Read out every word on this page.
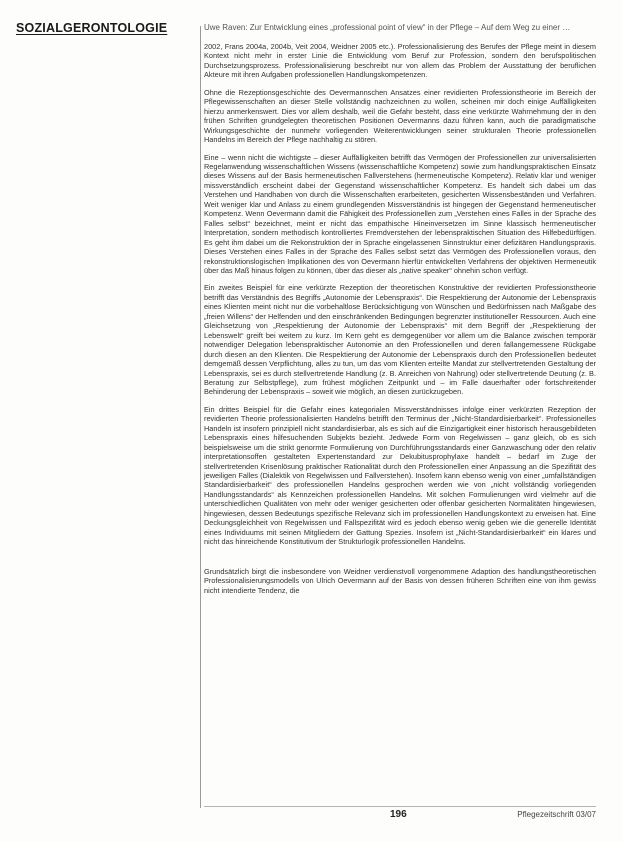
SOZIALGERONTOLOGIE	Uwe Raven: Zur Entwicklung eines „professional point of view“ in der Pflege – Auf dem Weg zu einer …

2002, Frans 2004a, 2004b, Veit 2004, Weidner 2005 etc.). Professionalisierung des Berufes der Pflege meint in diesem Kontext nicht mehr in erster Linie die Entwicklung vom Beruf zur Profession, sondern den berufspolitischen Durchsetzungsprozess. Professionalisierung beschreibt nur von allem das Problem der Ausstattung der beruflichen Akteure mit ihren Aufgaben professionellen Handlungskompetenzen.

Ohne die Rezeptionsgeschichte des Oevermannschen Ansatzes einer revidierten Professionstheorie im Bereich der Pflegewissenschaften an dieser Stelle vollständig nachzeichnen zu wollen, scheinen mir doch einige Auffälligkeiten hierzu anmerkenswert. Dies vor allem deshalb, weil die Gefahr besteht, dass eine verkürzte Wahrnehmung der in den frühen Schriften grundgelegten theoretischen Positionen Oevermanns dazu führen kann, auch die paradigmatische Wirkungsgeschichte der nunmehr vorliegenden Weiterentwicklungen seiner strukturalen Theorie professionellen Handelns im Bereich der Pflege nachhaltig zu stören.

Eine – wenn nicht die wichtigste – dieser Auffälligkeiten betrifft das Vermögen der Professionellen zur universalisierten Regelanwendung wissenschaftlichen Wissens (wissenschaftliche Kompetenz) sowie zum handlungspraktischen Einsatz dieses Wissens auf der Basis hermeneutischen Fallverstehens (hermeneutische Kompetenz). Relativ klar und weniger missverständlich erscheint dabei der Gegenstand wissenschaftlicher Kompetenz. Es handelt sich dabei um das Verstehen und Handhaben von durch die Wissenschaften erarbeiteten, gesicherten Wissensbeständen und Verfahren. Weit weniger klar und Anlass zu einem grundlegenden Missverständnis ist hingegen der Gegenstand hermeneutischer Kompetenz. Wenn Oevermann damit die Fähigkeit des Professionellen zum „Verstehen eines Falles in der Sprache des Falles selbst“ bezeichnet, meint er nicht das empathische Hineinversetzen im Sinne klassisch hermeneutischer Interpretation, sondern methodisch kontrolliertes Fremdverstehen der lebenspraktischen Situation des Hilfebedürftigen. Es geht ihm dabei um die Rekonstruktion der in Sprache eingelassenen Sinnstruktur einer defizitären Handlungspraxis. Dieses Verstehen eines Falles in der Sprache des Falles selbst setzt das Vermögen des Professionellen voraus, den rekonstruktionslogischen Implikationen des von Oevermann hierfür entwickelten Verfahrens der objektiven Hermeneutik über das Maß hinaus folgen zu können, über das dieser als „native speaker“ ohnehin schon verfügt.

Ein zweites Beispiel für eine verkürzte Rezeption der theoretischen Konstruktive der revidierten Professionstheorie betrifft das Verständnis des Begriffs „Autonomie der Lebenspraxis“. Die Respektierung der Autonomie der Lebenspraxis eines Klienten meint nicht nur die vorbehaltlose Berücksichtigung von Wünschen und Bedürfnissen nach Maßgabe des „freien Willens“ der Helfenden und den einschränkenden Bedingungen begrenzter institutioneller Ressourcen. Auch eine Gleichsetzung von „Respektierung der Autonomie der Lebenspraxis“ mit dem Begriff der „Respektierung der Lebenswelt“ greift bei weitem zu kurz. Im Kern geht es demgegenüber vor allem um die Balance zwischen temporär notwendiger Delegation lebenspraktischer Autonomie an den Professionellen und deren fallangemessene Rückgabe durch diesen an den Klienten. Die Respektierung der Autonomie der Lebenspraxis durch den Professionellen bedeutet demgemäß dessen Verpflichtung, alles zu tun, um das vom Klienten erteilte Mandat zur stellvertretenden Gestaltung der Lebenspraxis, sei es durch stellvertretende Handlung (z. B. Anreichen von Nahrung) oder stellvertretende Deutung (z. B. Beratung zur Selbstpflege), zum frühest möglichen Zeitpunkt und – im Falle dauerhafter oder fortschreitender Behinderung der Lebenspraxis – soweit wie möglich, an diesen zurückzugeben.

Ein drittes Beispiel für die Gefahr eines kategorialen Missverständnisses infolge einer verkürzten Rezeption der revidierten Theorie professionalisierten Handelns betrifft den Terminus der „Nicht-Standardisierbarkeit“. Professionelles Handeln ist insofern prinzipiell nicht standardisierbar, als es sich auf die Einzigartigkeit einer historisch herausgebildeten Lebenspraxis eines hilfesuchenden Subjekts bezieht. Jedwede Form von Regelwissen – ganz gleich, ob es sich beispielsweise um die strikt genormte Formulierung von Durchführungsstandards einer Ganzwaschung oder den relativ interpretationsoffen gestalteten Expertenstandard zur Dekubitusprophylaxe handelt – bedarf im Zuge der stellvertretenden Krisenlösung praktischer Rationalität durch den Professionellen einer Anpassung an die Spezifität des jeweiligen Falles (Dialektik von Regelwissen und Fallverstehen). Insofern kann ebenso wenig von einer „umfallständigen Standardisierbarkeit“ des professionellen Handelns gesprochen werden wie von „nicht vollständig vorliegenden Handlungsstandards“ als Kennzeichen professionellen Handelns. Mit solchen Formulierungen wird vielmehr auf die unterschiedlichen Qualitäten von mehr oder weniger gesicherten oder offenbar gesicherten Normalitäten hingewiesen, hingewiesen, dessen Bedeutungs spezifische Relevanz sich im professionellen Handlungskontext zu erweisen hat. Eine Deckungsgleichheit von Regelwissen und Fallspezifität wird es jedoch ebenso wenig geben wie die generelle Identität eines Individuums mit seinen Mitgliedern der Gattung Spezies. Insofern ist „Nicht-Standardisierbarkeit“ ein klares und nicht das hinreichende Konstitutivum der Strukturlogik professionellen Handelns.

Grundsätzlich birgt die insbesondere von Weidner verdienstvoll vorgenommene Adaption des handlungstheoretischen Professionalisierungsmodells von Ulrich Oevermann auf der Basis von dessen früheren Schriften eine von ihm gewiss nicht intendierte Tendenz, die

196	Pflegezeitschrift 03/07
